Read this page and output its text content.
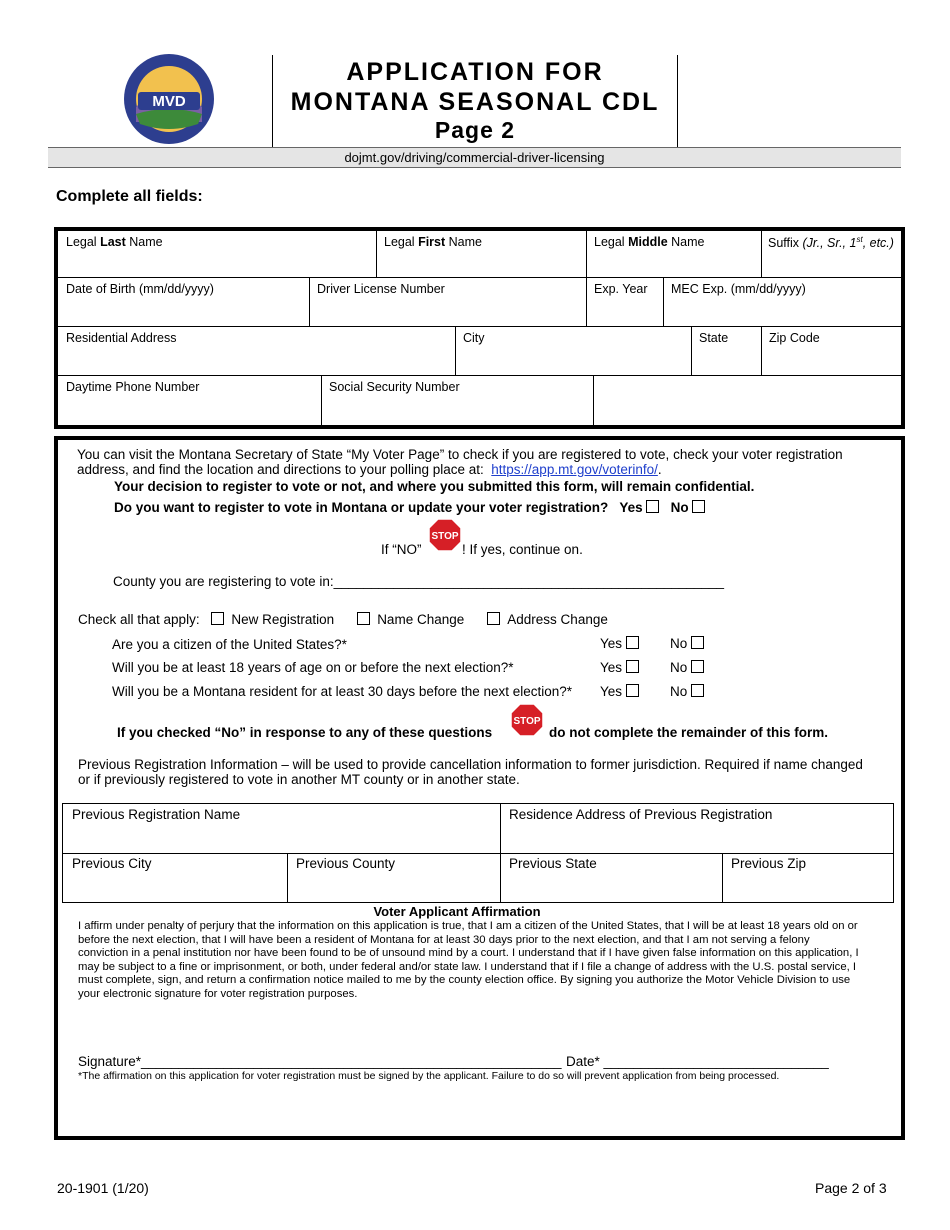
MVD
APPLICATION FOR
MONTANA SEASONAL CDL
Page 2
dojmt.gov/driving/commercial-driver-licensing
Complete all fields:
Legal Last Name	Legal First Name	Legal Middle Name	Suffix (Jr., Sr., 1st, etc.)
Date of Birth (mm/dd/yyyy)	Driver License Number	Exp. Year	MEC Exp. (mm/dd/yyyy)
Residential Address	City	State	Zip Code
Daytime Phone Number	Social Security Number
You can visit the Montana Secretary of State “My Voter Page” to check if you are registered to vote, check your voter registration address, and find the location and directions to your polling place at: https://app.mt.gov/voterinfo/.
Your decision to register to vote or not, and where you submitted this form, will remain confidential.
Do you want to register to vote in Montana or update your voter registration? Yes No
If “NO”
STOP
! If yes, continue on.
County you are registering to vote in:____________________________________________________
Check all that apply: New Registration	Name Change	Address Change
Are you a citizen of the United States?*	Yes	No
Will you be at least 18 years of age on or before the next election?*	Yes	No
Will you be a Montana resident for at least 30 days before the next election?* Yes	No
If you checked “No” in response to any of these questions
STOP
do not complete the remainder of this form.
Previous Registration Information – will be used to provide cancellation information to former jurisdiction. Required if name changed or if previously registered to vote in another MT county or in another state.
Previous Registration Name	Residence Address of Previous Registration
Previous City	Previous County	Previous State	Previous Zip
Voter Applicant Affirmation
I affirm under penalty of perjury that the information on this application is true, that I am a citizen of the United States, that I will be at least 18 years old on or before the next election, that I will have been a resident of Montana for at least 30 days prior to the next election, and that I am not serving a felony conviction in a penal institution nor have been found to be of unsound mind by a court. I understand that if I have given false information on this application, I may be subject to a fine or imprisonment, or both, under federal and/or state law. I understand that if I file a change of address with the U.S. postal service, I must complete, sign, and return a confirmation notice mailed to me by the county election office. By signing you authorize the Motor Vehicle Division to use your electronic signature for voter registration purposes.
Signature*________________________________________________________ Date* ______________________________
*The affirmation on this application for voter registration must be signed by the applicant. Failure to do so will prevent application from being processed.
20-1901 (1/20)	Page 2 of 3
